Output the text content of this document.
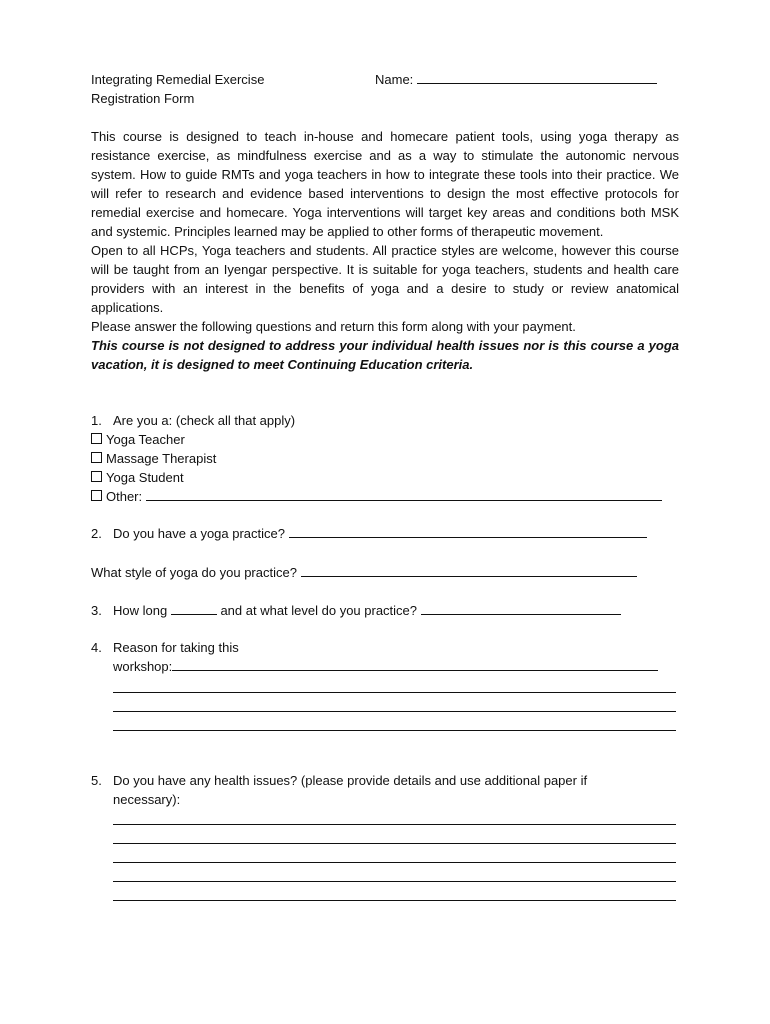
Integrating Remedial Exercise
Registration Form
Name:

This course is designed to teach in-house and homecare patient tools, using yoga therapy as resistance exercise, as mindfulness exercise and as a way to stimulate the autonomic nervous system. How to guide RMTs and yoga teachers in how to integrate these tools into their practice. We will refer to research and evidence based interventions to design the most effective protocols for remedial exercise and homecare. Yoga interventions will target key areas and conditions both MSK and systemic. Principles learned may be applied to other forms of therapeutic movement.

Open to all HCPs, Yoga teachers and students. All practice styles are welcome, however this course will be taught from an Iyengar perspective. It is suitable for yoga teachers, students and health care providers with an interest in the benefits of yoga and a desire to study or review anatomical applications.

Please answer the following questions and return this form along with your payment.

This course is not designed to address your individual health issues nor is this course a yoga vacation, it is designed to meet Continuing Education criteria.

1. Are you a: (check all that apply)
Yoga Teacher
Massage Therapist
Yoga Student
Other:
2. Do you have a yoga practice?
What style of yoga do you practice?
3. How long	and at what level do you practice?
4. Reason for taking this
workshop:
5. Do you have any health issues? (please provide details and use additional paper if
necessary):
